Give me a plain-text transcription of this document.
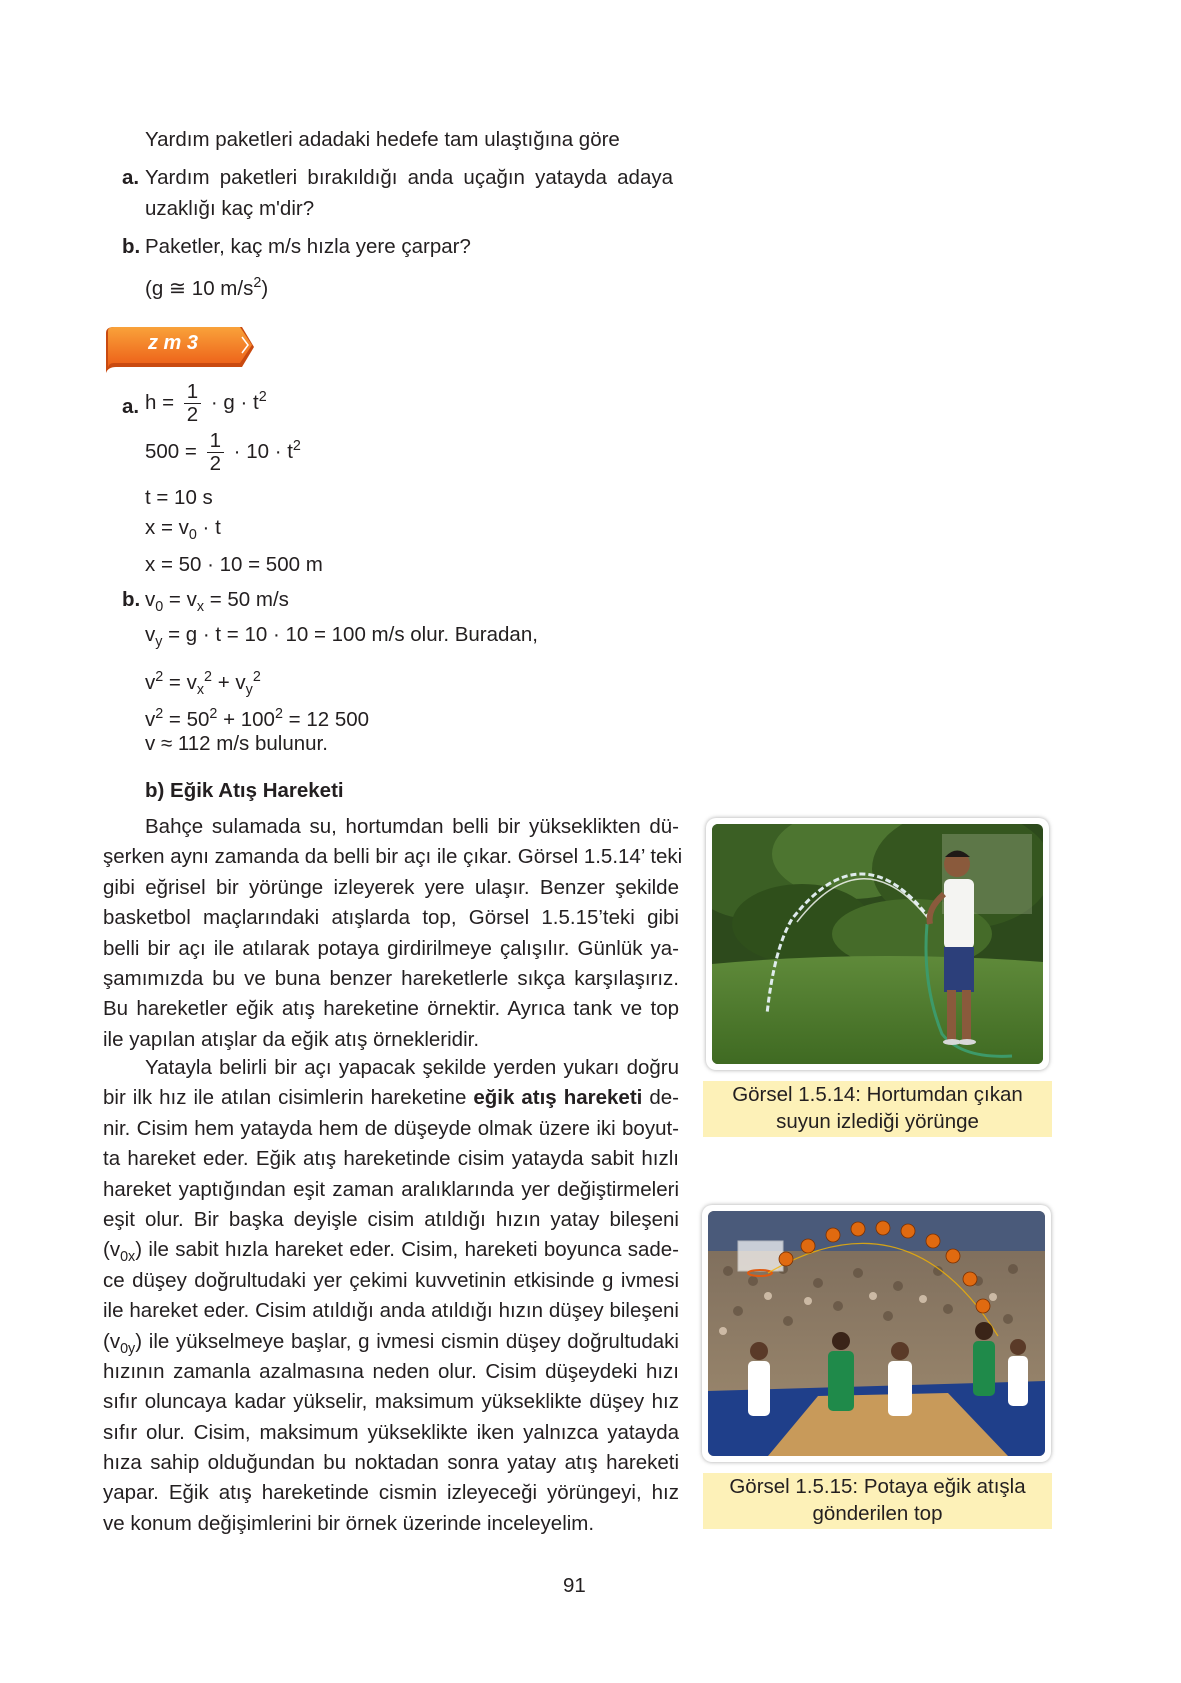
Yardım paketleri adadaki hedefe tam ulaştığına göre
a. Yardım paketleri bırakıldığı anda uçağın yatayda adaya
uzaklığı kaç m'dir?
b. Paketler, kaç m/s hızla yere çarpar?
(g ≅ 10 $m/s^2$)
z m 3
a. $h = \frac{1}{2} \cdot g \cdot t^2$
$500 = \frac{1}{2} \cdot 10 \cdot t^2$
t = 10 s
$x = v_0 \cdot t$
x = 50 · 10 = 500 m
b. $v_0 = v_x = 50$ m/s
$v_y = g \cdot t = 10 \cdot 10 = 100$ m/s olur. Buradan,
$v^2 = v_x^2 + v_y^2$
$v^2 = 50^2 + 100^2 = 12$ 500
v ≈ 112 m/s bulunur.
b) Eğik Atış Hareketi
Bahçe sulamada su, hortumdan belli bir yükseklikten dü-
şerken aynı zamanda da belli bir açı ile çıkar. Görsel 1.5.14’ teki
gibi eğrisel bir yörünge izleyerek yere ulaşır. Benzer şekilde
basketbol maçlarındaki atışlarda top, Görsel 1.5.15’teki gibi
belli bir açı ile atılarak potaya girdirilmeye çalışılır. Günlük ya-
şamımızda bu ve buna benzer hareketlerle sıkça karşılaşırız.
Bu hareketler eğik atış hareketine örnektir. Ayrıca tank ve top
ile yapılan atışlar da eğik atış örnekleridir.
Yatayla belirli bir açı yapacak şekilde yerden yukarı doğru
bir ilk hız ile atılan cisimlerin hareketine eğik atış hareketi de-
nir. Cisim hem yatayda hem de düşeyde olmak üzere iki boyut-
ta hareket eder. Eğik atış hareketinde cisim yatayda sabit hızlı
hareket yaptığından eşit zaman aralıklarında yer değiştirmeleri
eşit olur. Bir başka deyişle cisim atıldığı hızın yatay bileşeni
$(v_{0x})$ ile sabit hızla hareket eder. Cisim, hareketi boyunca sade-
ce düşey doğrultudaki yer çekimi kuvvetinin etkisinde g ivmesi
ile hareket eder. Cisim atıldığı anda atıldığı hızın düşey bileşeni
$(v_{0y})$ ile yükselmeye başlar, g ivmesi cismin düşey doğrultudaki
hızının zamanla azalmasına neden olur. Cisim düşeydeki hızı
sıfır oluncaya kadar yükselir, maksimum yükseklikte düşey hız
sıfır olur. Cisim, maksimum yükseklikte iken yalnızca yatayda
hıza sahip olduğundan bu noktadan sonra yatay atış hareketi
yapar. Eğik atış hareketinde cismin izleyeceği yörüngeyi, hız
ve konum değişimlerini bir örnek üzerinde inceleyelim.
Görsel 1.5.14: Hortumdan çıkan
suyun izlediği yörünge
Görsel 1.5.15: Potaya eğik atışla
gönderilen top
91
